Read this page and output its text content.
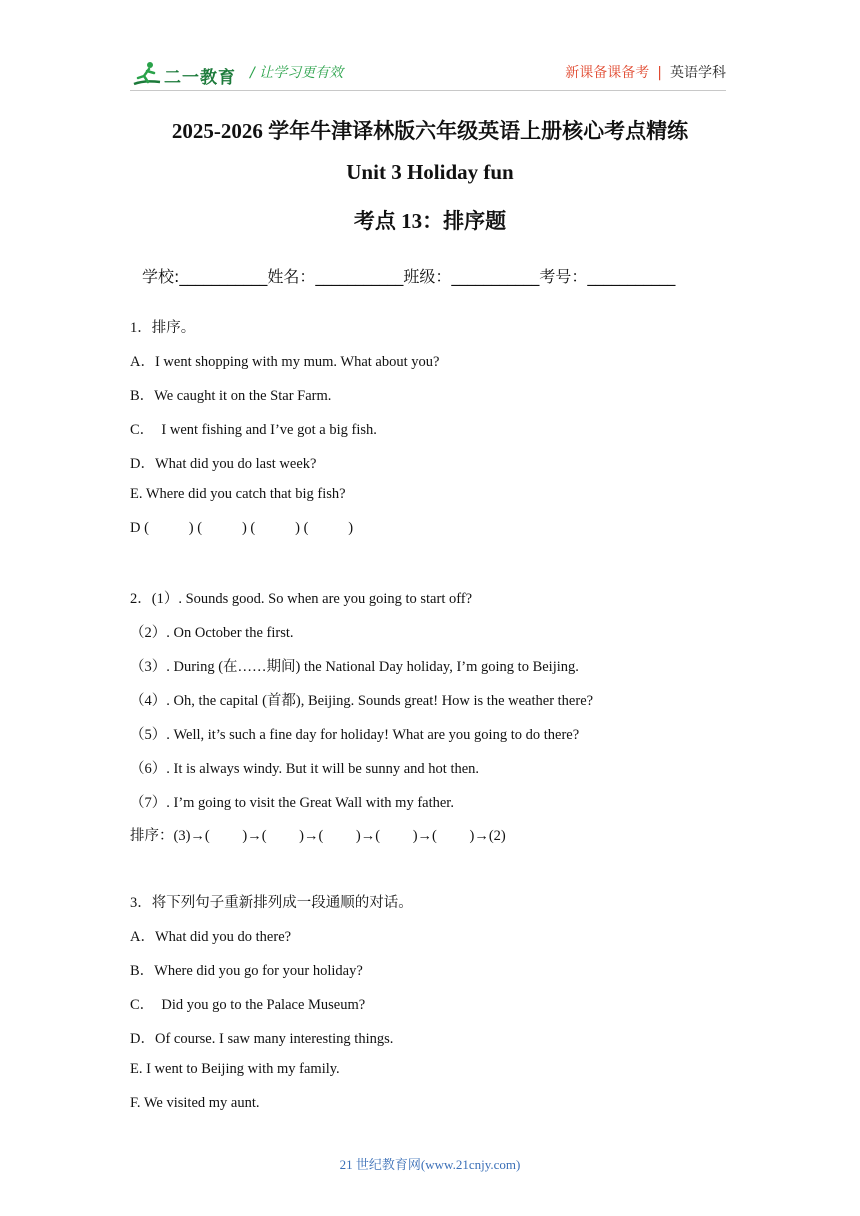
二一教育 / 让学习更有效	新课备课备考 | 英语学科
2025-2026 学年牛津译林版六年级英语上册核心考点精练
Unit 3 Holiday fun
考点 13：排序题
学校:___________姓名：___________班级：___________考号：___________
1．排序。
A．I went shopping with my mum. What about you?
B．We caught it on the Star Farm.
C．  I went fishing and I’ve got a big fish.
D．What did you do last week?
E. Where did you catch that big fish?
D (           ) (           ) (           ) (           )
2．(1）. Sounds good. So when are you going to start off?
（2）. On October the first.
（3）. During (在……期间) the National Day holiday, I’m going to Beijing.
（4）. Oh, the capital (首都), Beijing. Sounds great! How is the weather there?
（5）. Well, it’s such a fine day for holiday! What are you going to do there?
（6）. It is always windy. But it will be sunny and hot then.
（7）. I’m going to visit the Great Wall with my father.
排序：(3)→(         )→(         )→(         )→(         )→(         )→(2)
3．将下列句子重新排列成一段通顺的对话。
A．What did you do there?
B．Where did you go for your holiday?
C．  Did you go to the Palace Museum?
D．Of course. I saw many interesting things.
E. I went to Beijing with my family.
F. We visited my aunt.
21 世纪教育网(www.21cnjy.com)
